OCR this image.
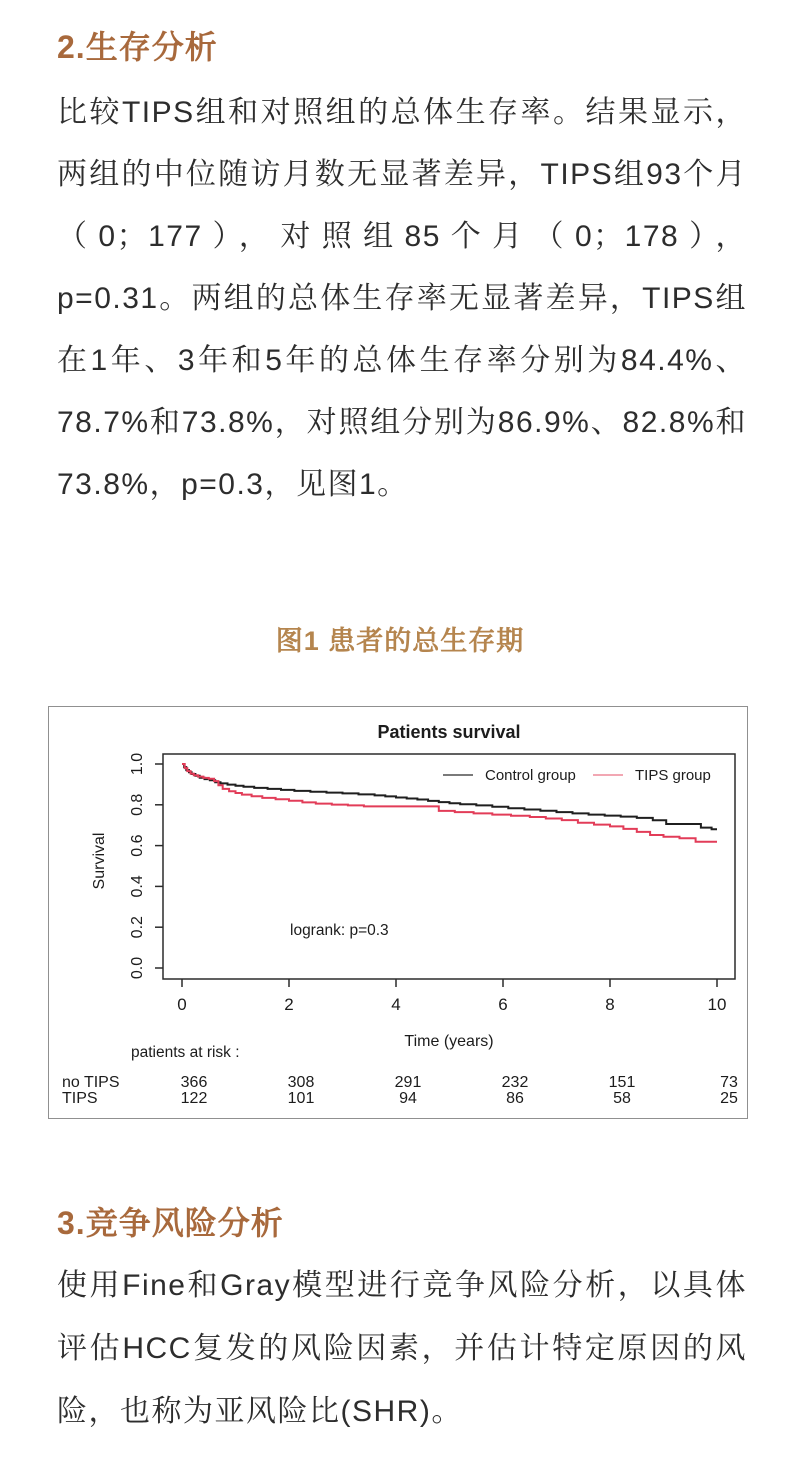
2.生存分析

比较TIPS组和对照组的总体生存率。结果显示，两组的中位随访月数无显著差异，TIPS组93个月（0；177），对照组85个月（0；178），p=0.31。两组的总体生存率无显著差异，TIPS组在1年、3年和5年的总体生存率分别为84.4%、78.7%和73.8%，对照组分别为86.9%、82.8%和73.8%，p=0.3，见图1。

图1 患者的总生存期

Patients survival
0.0
0.2
0.4
0.6
0.8
1.0
Survival
0	2	4	6	8	10
Time (years)
Control group	TIPS group
logrank: p=0.3
patients at risk :
no TIPS	366	308	291	232	151	73
TIPS	122	101	94	86	58	25
3.竞争风险分析

使用Fine和Gray模型进行竞争风险分析，以具体评估HCC复发的风险因素，并估计特定原因的风险，也称为亚风险比(SHR)。
